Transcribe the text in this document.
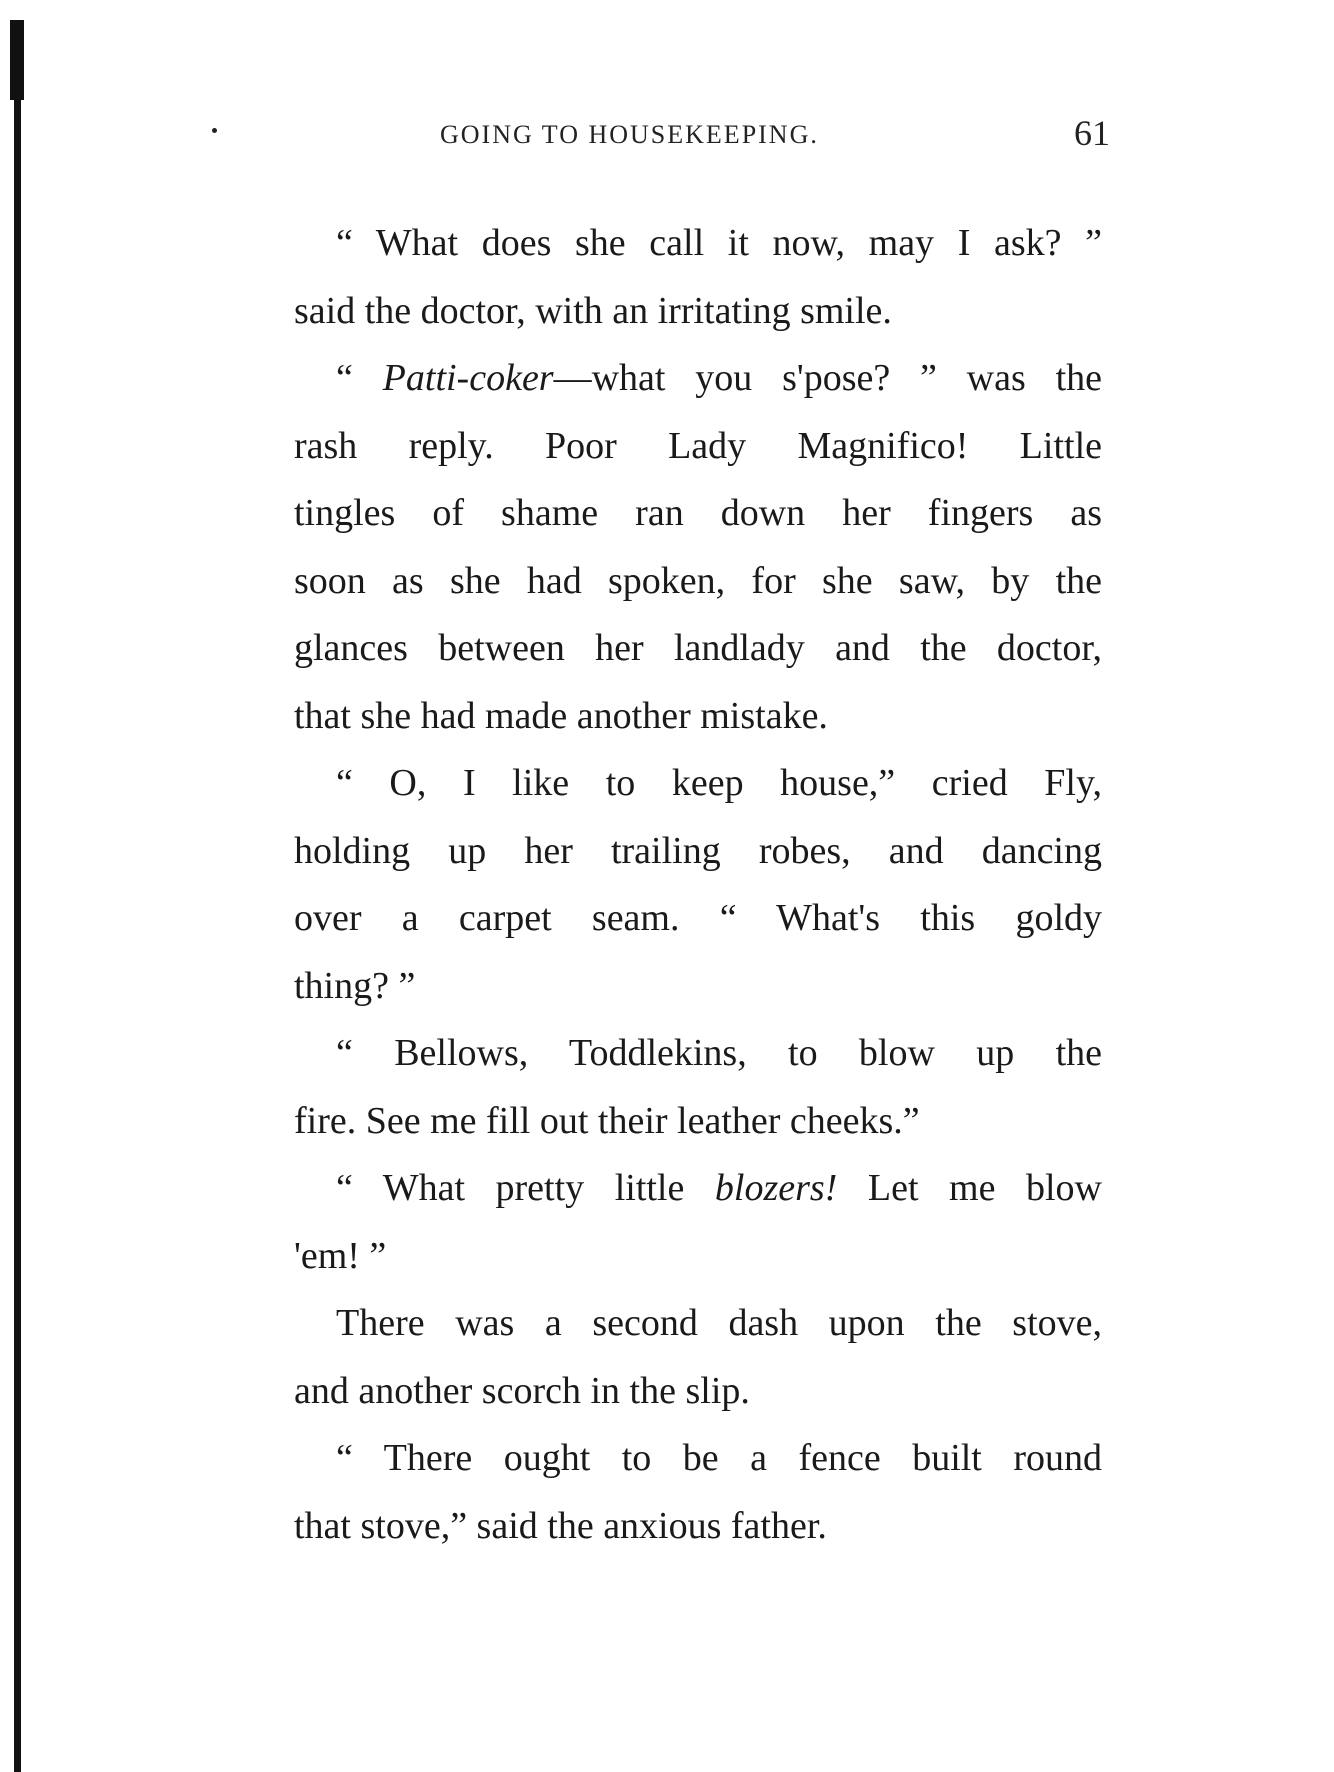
GOING TO HOUSEKEEPING.	61
“ What does she call it now, may I ask? ”
said the doctor, with an irritating smile.
“ Patti-coker—what you s'pose? ” was the
rash reply. Poor Lady Magnifico! Little
tingles of shame ran down her fingers as
soon as she had spoken, for she saw, by the
glances between her landlady and the doctor,
that she had made another mistake.
“ O, I like to keep house,” cried Fly,
holding up her trailing robes, and dancing
over a carpet seam. “ What's this goldy
thing? ”
“ Bellows, Toddlekins, to blow up the
fire. See me fill out their leather cheeks.”
“ What pretty little blozers! Let me blow
'em! ”
There was a second dash upon the stove,
and another scorch in the slip.
“ There ought to be a fence built round
that stove,” said the anxious father.
